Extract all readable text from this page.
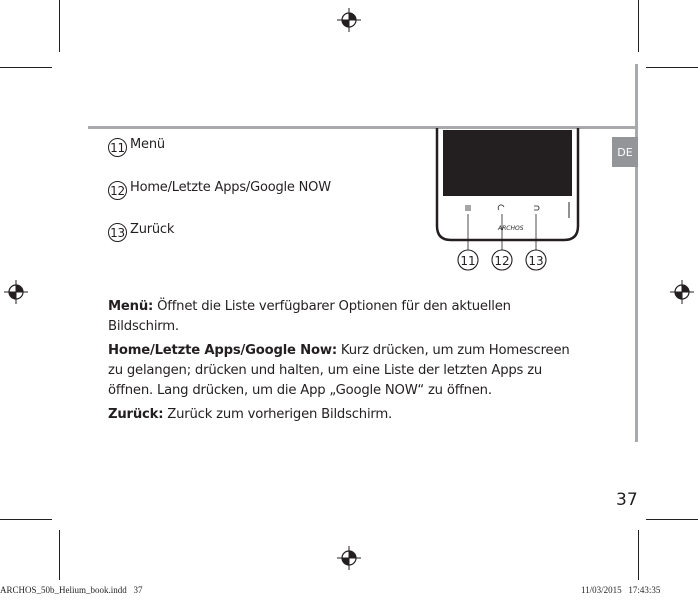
DE
11 Menü
12 Home/Letzte Apps/Google NOW
13 Zurück	ARCHOS
11 12 13

Menü: Öffnet die Liste verfügbarer Optionen für den aktuellen Bildschirm.

Home/Letzte Apps/Google Now: Kurz drücken, um zum Homescreen zu gelangen; drücken und halten, um eine Liste der letzten Apps zu öffnen. Lang drücken, um die App „Google NOW“ zu öffnen.

Zurück: Zurück zum vorherigen Bildschirm.

37
ARCHOS_50b_Helium_book.indd   37	11/03/2015   17:43:35
